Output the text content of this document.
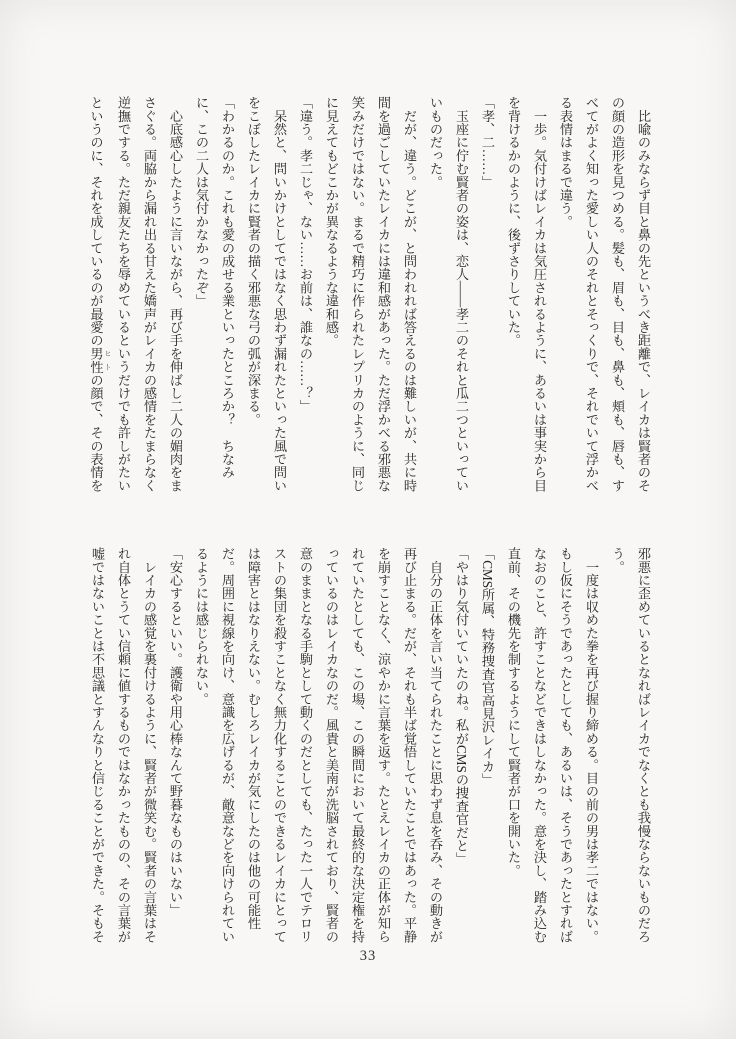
　比喩のみならず目と鼻の先というべき距離で、レイカは賢者のそ
の顔の造形を見つめる。髪も、眉も、目も、鼻も、頬も、唇も、す
べてがよく知った愛しい人のそれとそっくりで、それでいて浮かべ
る表情はまるで違う。
　一歩。気付けばレイカは気圧されるように、あるいは事実から目
を背けるかのように、後ずさりしていた。
「孝、二……」
　玉座に佇む賢者の姿は、恋人――孝二のそれと瓜二つといってい
いものだった。
　だが、違う。どこが、と問われれば答えるのは難しいが、共に時
間を過ごしていたレイカには違和感があった。ただ浮かべる邪悪な
笑みだけではない。まるで精巧に作られたレプリカのように、同じ
に見えてもどこかが異なるような違和感。
「違う。孝二じゃ、ない……お前は、誰なの……？」
　呆然と、問いかけとしてではなく思わず漏れたといった風で問い
をこぼしたレイカに賢者の描く邪悪な弓の弧が深まる。
「わかるのか。これも愛の成せる業といったところか？　ちなみ
に、この二人は気付かなかったぞ」
　心底感心したように言いながら、再び手を伸ばし二人の媚肉をま
さぐる。両脇から漏れ出る甘えた嬌声がレイカの感情をたまらなく
逆撫でする。ただ親友たちを辱めているというだけでも許しがたい
というのに、それを成しているのが最愛の男性 ヒトの顔で、その表情を
邪悪に歪めているとなればレイカでなくとも我慢ならないものだろ
う。
　一度は収めた拳を再び握り締める。目の前の男は孝二ではない。
もし仮にそうであったとしても、あるいは、そうであったとすれば
なおのこと、許すことなどできはしなかった。意を決し、踏み込む
直前、その機先を制するようにして賢者が口を開いた。
「CMS所属、特務捜査官高見沢レイカ」
「やはり気付いていたのね。私がCMSの捜査官だと」
　自分の正体を言い当てられたことに思わず息を呑み、その動きが
再び止まる。だが、それも半ば覚悟していたことではあった。平静
を崩すことなく、涼やかに言葉を返す。たとえレイカの正体が知ら
れていたとしても、この場、この瞬間において最終的な決定権を持
っているのはレイカなのだ。風貴と美南が洗脳されており、賢者の
意のままとなる手駒として動くのだとしても、たった一人でテロリ
ストの集団を殺すことなく無力化することのできるレイカにとって
は障害とはなりえない。むしろレイカが気にしたのは他の可能性
だ。周囲に視線を向け、意識を広げるが、敵意などを向けられてい
るようには感じられない。
「安心するといい。護衛や用心棒なんて野暮なものはいない」
　レイカの感覚を裏付けるように、賢者が微笑む。賢者の言葉はそ
れ自体とうてい信頼に値するものではなかったものの、その言葉が
嘘ではないことは不思議とすんなりと信じることができた。そもそ
33
